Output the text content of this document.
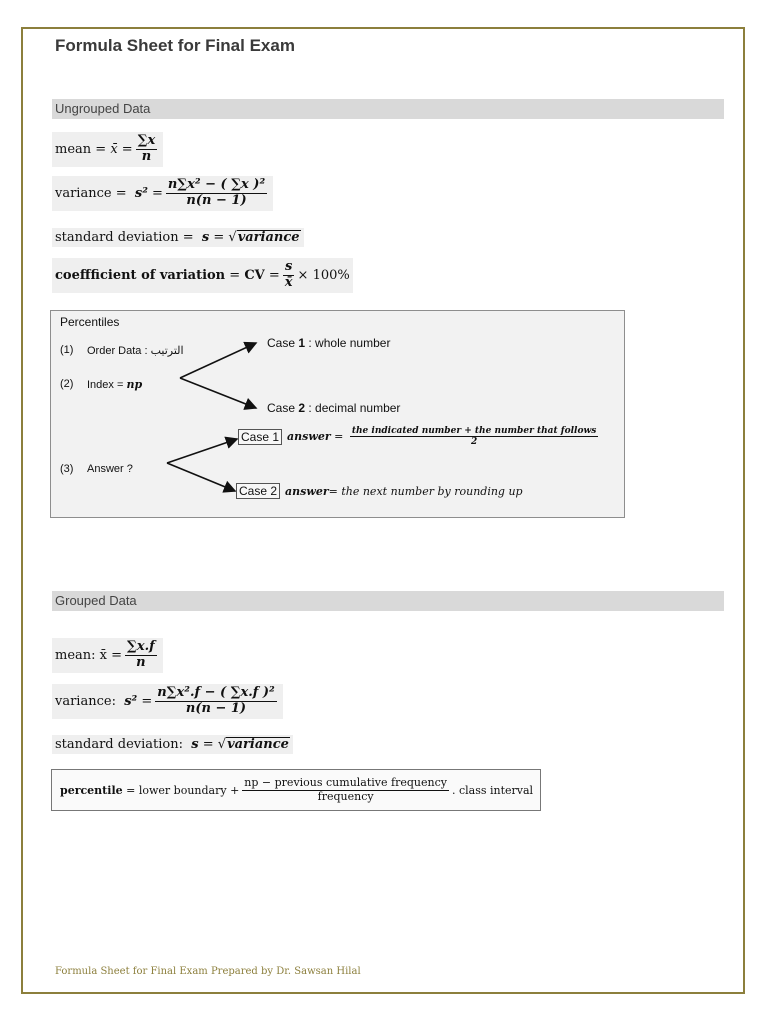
Formula Sheet for Final Exam
Ungrouped Data
mean = x̄ = $\frac{\sum x}{n}$
variance = $s^2 = \frac{\text{n∑x² − ( ∑x )²}}{n(n - 1)}$
standard deviation = s = √ variance
coeffficient of variation = CV = $\frac{s}{x̄} \times 100\%$
Percentiles
(1) Order Data : الترتيب
(2) Index = np
Case 1 : whole number
Case 2 : decimal number
(3) Answer ?
Case 1 answer = $\frac{\text{the indicated number + the number that follows}}{2}$
Case 2 answer = the next number by rounding up
Grouped Data
mean:
x̄ = $\frac{\sum x.f}{n}$
variance:
$s^2 = \frac{\text{n∑x².f − ( ∑x.f )²}}{n(n - 1)}$
standard deviation:
s = √ variance
percentile = lower boundary + $\frac{\text{np − previous cumulative frequency}}{\text{frequency}}$ . class interval
Formula Sheet for Final Exam Prepared by Dr. Sawsan Hilal
